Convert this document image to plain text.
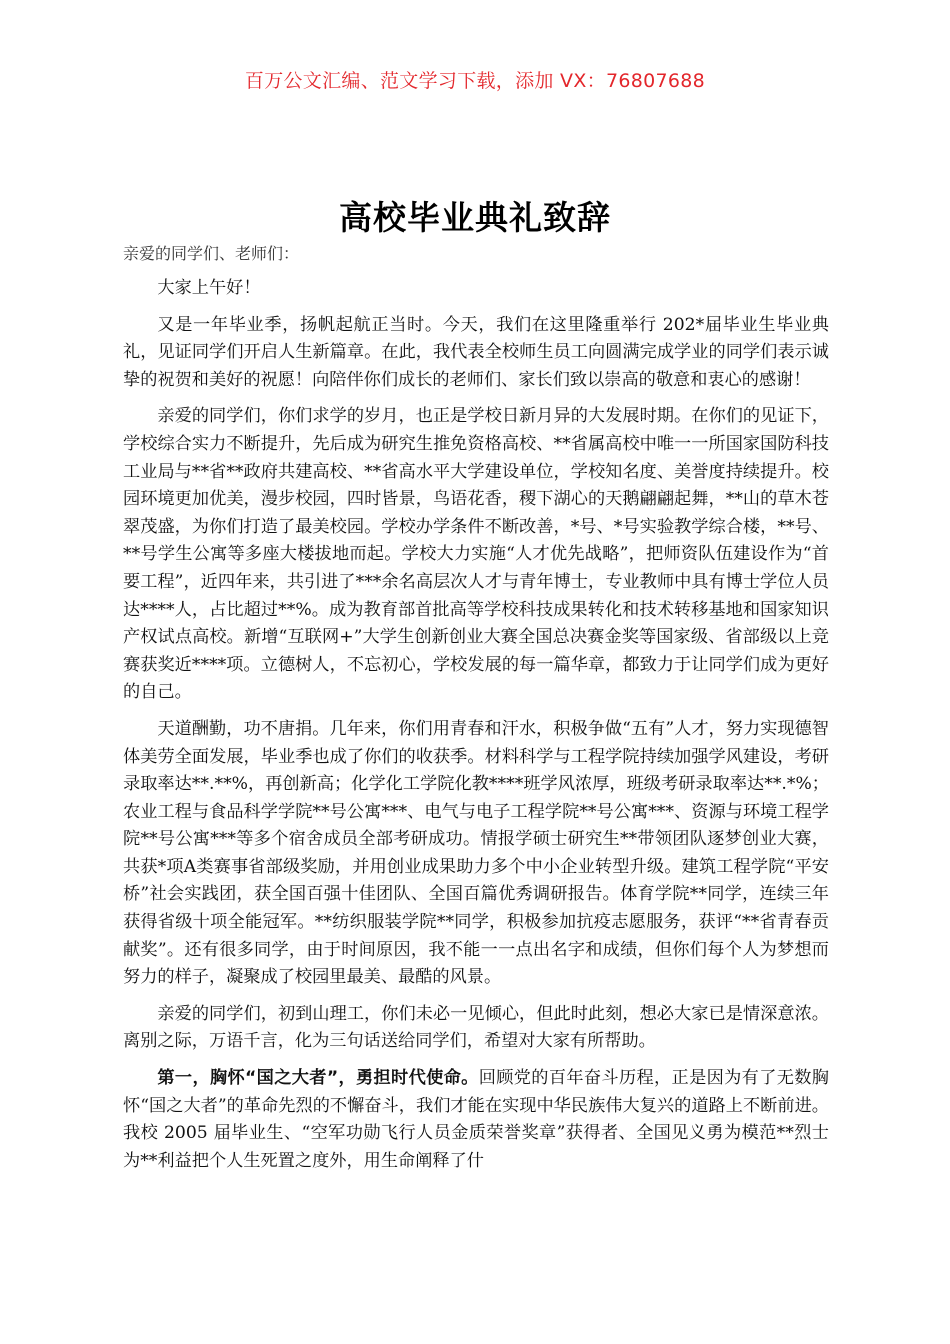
百万公文汇编、范文学习下载，添加 VX：76807688
高校毕业典礼致辞
亲爱的同学们、老师们：

大家上午好！

又是一年毕业季，扬帆起航正当时。今天，我们在这里隆重举行 202*届毕业生毕业典礼，见证同学们开启人生新篇章。在此，我代表全校师生员工向圆满完成学业的同学们表示诚挚的祝贺和美好的祝愿！向陪伴你们成长的老师们、家长们致以崇高的敬意和衷心的感谢！

亲爱的同学们，你们求学的岁月，也正是学校日新月异的大发展时期。在你们的见证下，学校综合实力不断提升，先后成为研究生推免资格高校、**省属高校中唯一一所国家国防科技工业局与**省**政府共建高校、**省高水平大学建设单位，学校知名度、美誉度持续提升。校园环境更加优美，漫步校园，四时皆景，鸟语花香，稷下湖心的天鹅翩翩起舞，**山的草木苍翠茂盛，为你们打造了最美校园。学校办学条件不断改善，*号、*号实验教学综合楼，**号、**号学生公寓等多座大楼拔地而起。学校大力实施“人才优先战略”，把师资队伍建设作为“首要工程”，近四年来，共引进了***余名高层次人才与青年博士，专业教师中具有博士学位人员达****人，占比超过**%。成为教育部首批高等学校科技成果转化和技术转移基地和国家知识产权试点高校。新增“互联网+”大学生创新创业大赛全国总决赛金奖等国家级、省部级以上竞赛获奖近****项。立德树人，不忘初心，学校发展的每一篇华章，都致力于让同学们成为更好的自己。

天道酬勤，功不唐捐。几年来，你们用青春和汗水，积极争做“五有”人才，努力实现德智体美劳全面发展，毕业季也成了你们的收获季。材料科学与工程学院持续加强学风建设，考研录取率达**.**%，再创新高；化学化工学院化教****班学风浓厚，班级考研录取率达**.*%；农业工程与食品科学学院**号公寓***、电气与电子工程学院**号公寓***、资源与环境工程学院**号公寓***等多个宿舍成员全部考研成功。情报学硕士研究生**带领团队逐梦创业大赛，共获*项A类赛事省部级奖励，并用创业成果助力多个中小企业转型升级。建筑工程学院“平安桥”社会实践团，获全国百强十佳团队、全国百篇优秀调研报告。体育学院**同学，连续三年获得省级十项全能冠军。**纺织服装学院**同学，积极参加抗疫志愿服务，获评“**省青春贡献奖”。还有很多同学，由于时间原因，我不能一一点出名字和成绩，但你们每个人为梦想而努力的样子，凝聚成了校园里最美、最酷的风景。

亲爱的同学们，初到山理工，你们未必一见倾心，但此时此刻，想必大家已是情深意浓。离别之际，万语千言，化为三句话送给同学们，希望对大家有所帮助。

第一，胸怀“国之大者”，勇担时代使命。回顾党的百年奋斗历程，正是因为有了无数胸怀“国之大者”的革命先烈的不懈奋斗，我们才能在实现中华民族伟大复兴的道路上不断前进。我校 2005 届毕业生、“空军功勋飞行人员金质荣誉奖章”获得者、全国见义勇为模范**烈士为**利益把个人生死置之度外，用生命阐释了什
